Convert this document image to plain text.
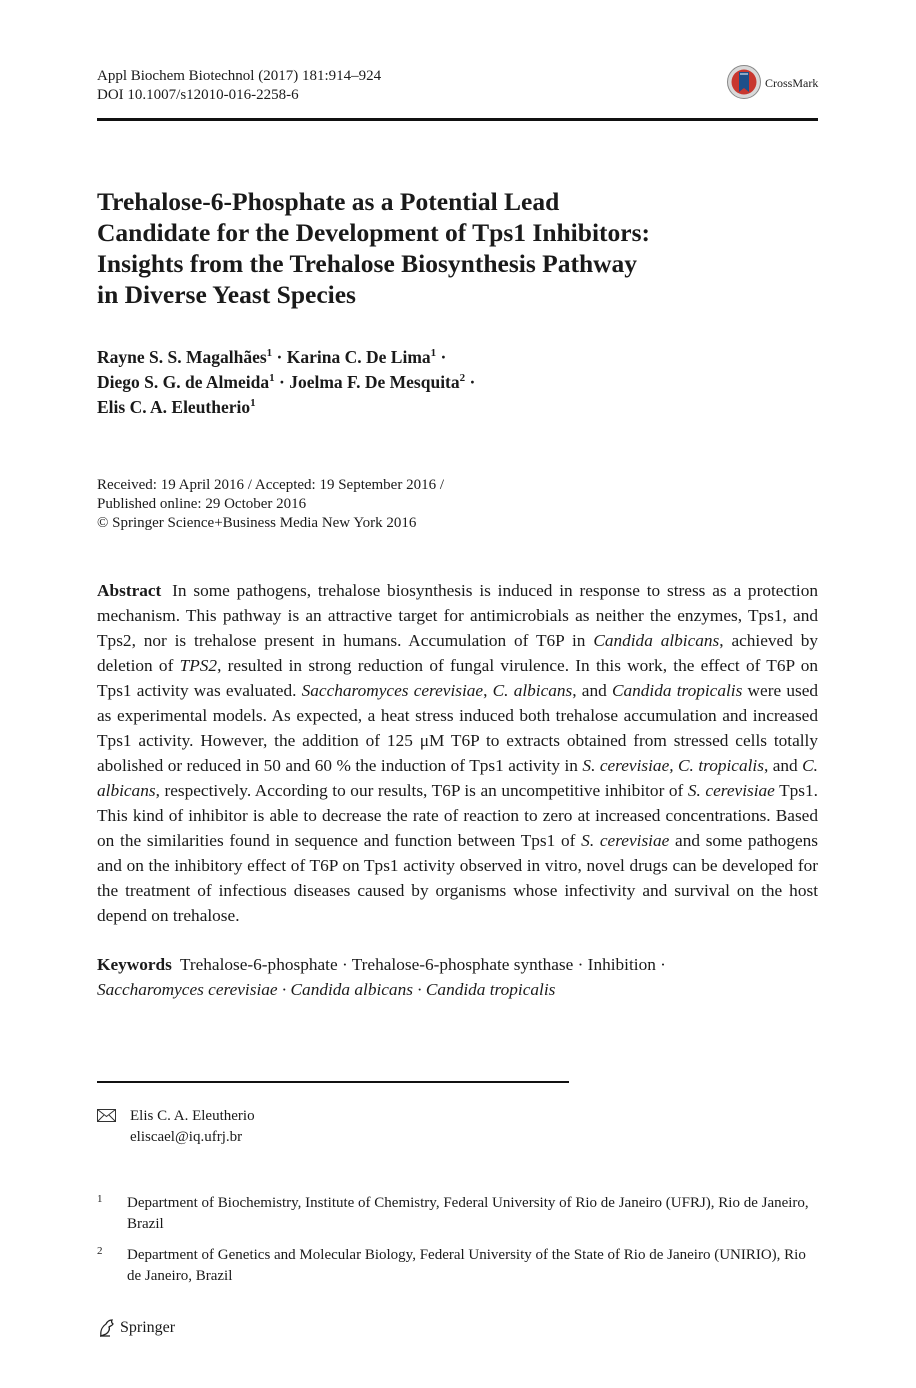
Appl Biochem Biotechnol (2017) 181:914–924
DOI 10.1007/s12010-016-2258-6
CrossMark
Trehalose-6-Phosphate as a Potential Lead
Candidate for the Development of Tps1 Inhibitors:
Insights from the Trehalose Biosynthesis Pathway
in Diverse Yeast Species
Rayne S. S. Magalhães$^1$ · Karina C. De Lima$^1$ ·
Diego S. G. de Almeida$^1$ · Joelma F. De Mesquita$^2$ ·
Elis C. A. Eleutherio$^1$
Received: 19 April 2016 / Accepted: 19 September 2016 /
Published online: 29 October 2016
© Springer Science+Business Media New York 2016

Abstract In some pathogens, trehalose biosynthesis is induced in response to stress as a protection mechanism. This pathway is an attractive target for antimicrobials as neither the enzymes, Tps1, and Tps2, nor is trehalose present in humans. Accumulation of T6P in Candida albicans, achieved by deletion of TPS2, resulted in strong reduction of fungal virulence. In this work, the effect of T6P on Tps1 activity was evaluated. Saccharomyces cerevisiae, C. albicans, and Candida tropicalis were used as experimental models. As expected, a heat stress induced both trehalose accumulation and increased Tps1 activity. However, the addition of 125 μM T6P to extracts obtained from stressed cells totally abolished or reduced in 50 and 60 % the induction of Tps1 activity in S. cerevisiae, C. tropicalis, and C. albicans, respectively. According to our results, T6P is an uncompetitive inhibitor of S. cerevisiae Tps1. This kind of inhibitor is able to decrease the rate of reaction to zero at increased concentrations. Based on the similarities found in sequence and function between Tps1 of S. cerevisiae and some pathogens and on the inhibitory effect of T6P on Tps1 activity observed in vitro, novel drugs can be developed for the treatment of infectious diseases caused by organisms whose infectivity and survival on the host depend on trehalose.

Keywords Trehalose-6-phosphate · Trehalose-6-phosphate synthase · Inhibition ·
Saccharomyces cerevisiae · Candida albicans · Candida tropicalis
Elis C. A. Eleutherio
eliscael@iq.ufrj.br
1 Department of Biochemistry, Institute of Chemistry, Federal University of Rio de Janeiro (UFRJ), Rio de Janeiro, Brazil
2 Department of Genetics and Molecular Biology, Federal University of the State of Rio de Janeiro (UNIRIO), Rio de Janeiro, Brazil
Springer
